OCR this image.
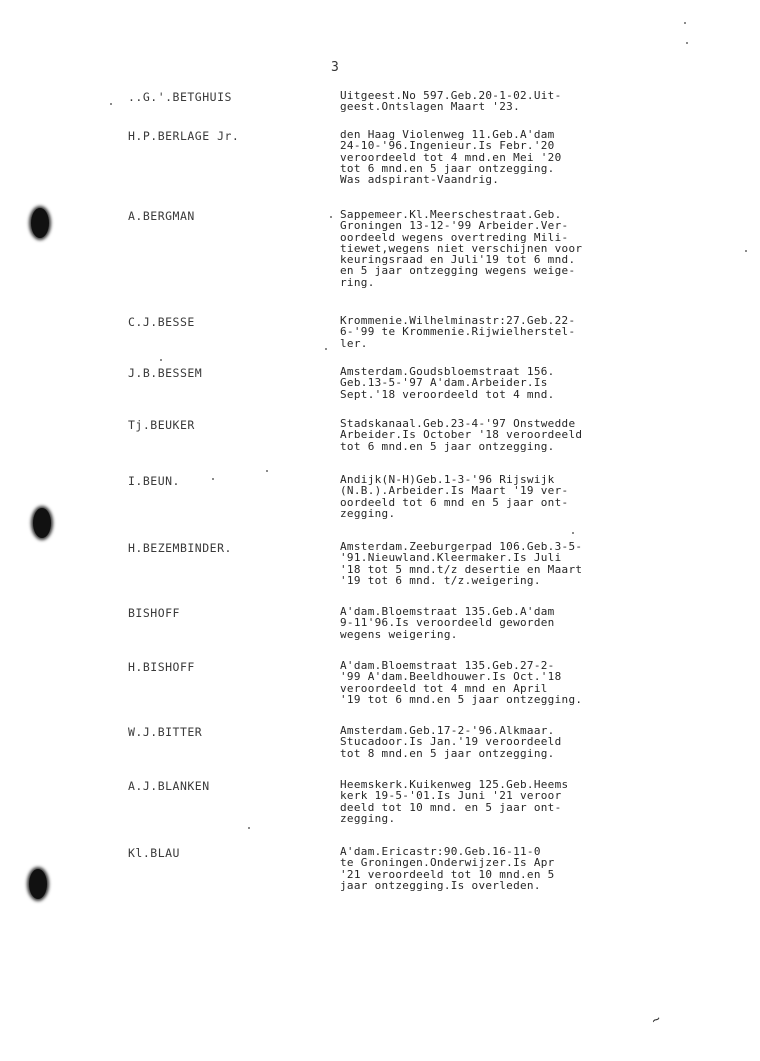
3
..G.'.BETGHUIS	Uitgeest.No 597.Geb.20-1-02.Uit-
geest.Ontslagen Maart '23.
H.P.BERLAGE Jr.	den Haag Violenweg 11.Geb.A'dam
24-10-'96.Ingenieur.Is Febr.'20
veroordeeld tot 4 mnd.en Mei '20
tot 6 mnd.en 5 jaar ontzegging.
Was adspirant-Vaandrig.
A.BERGMAN	Sappemeer.Kl.Meerschestraat.Geb.
Groningen 13-12-'99 Arbeider.Ver-
oordeeld wegens overtreding Mili-
tiewet,wegens niet verschijnen voor
keuringsraad en Juli'19 tot 6 mnd.
en 5 jaar ontzegging wegens weige-
ring.
C.J.BESSE	Krommenie.Wilhelminastr:27.Geb.22-
6-'99 te Krommenie.Rijwielherstel-
ler.
J.B.BESSEM	Amsterdam.Goudsbloemstraat 156.
Geb.13-5-'97 A'dam.Arbeider.Is
Sept.'18 veroordeeld tot 4 mnd.
Tj.BEUKER	Stadskanaal.Geb.23-4-'97 Onstwedde
Arbeider.Is October '18 veroordeeld
tot 6 mnd.en 5 jaar ontzegging.
I.BEUN.	Andijk(N-H)Geb.1-3-'96 Rijswijk
(N.B.).Arbeider.Is Maart '19 ver-
oordeeld tot 6 mnd en 5 jaar ont-
zegging.
H.BEZEMBINDER.	Amsterdam.Zeeburgerpad 106.Geb.3-5-
'91.Nieuwland.Kleermaker.Is Juli
'18 tot 5 mnd.t/z desertie en Maart
'19 tot 6 mnd. t/z.weigering.
BISHOFF	A'dam.Bloemstraat 135.Geb.A'dam
9-11'96.Is veroordeeld geworden
wegens weigering.
H.BISHOFF	A'dam.Bloemstraat 135.Geb.27-2-
'99 A'dam.Beeldhouwer.Is Oct.'18
veroordeeld tot 4 mnd en April
'19 tot 6 mnd.en 5 jaar ontzegging.
W.J.BITTER	Amsterdam.Geb.17-2-'96.Alkmaar.
Stucadoor.Is Jan.'19 veroordeeld
tot 8 mnd.en 5 jaar ontzegging.
A.J.BLANKEN	Heemskerk.Kuikenweg 125.Geb.Heems
kerk 19-5-'01.Is Juni '21 veroor
deeld tot 10 mnd. en 5 jaar ont-
zegging.
Kl.BLAU	A'dam.Ericastr:90.Geb.16-11-0
te Groningen.Onderwijzer.Is Apr
'21 veroordeeld tot 10 mnd.en 5
jaar ontzegging.Is overleden.
~
